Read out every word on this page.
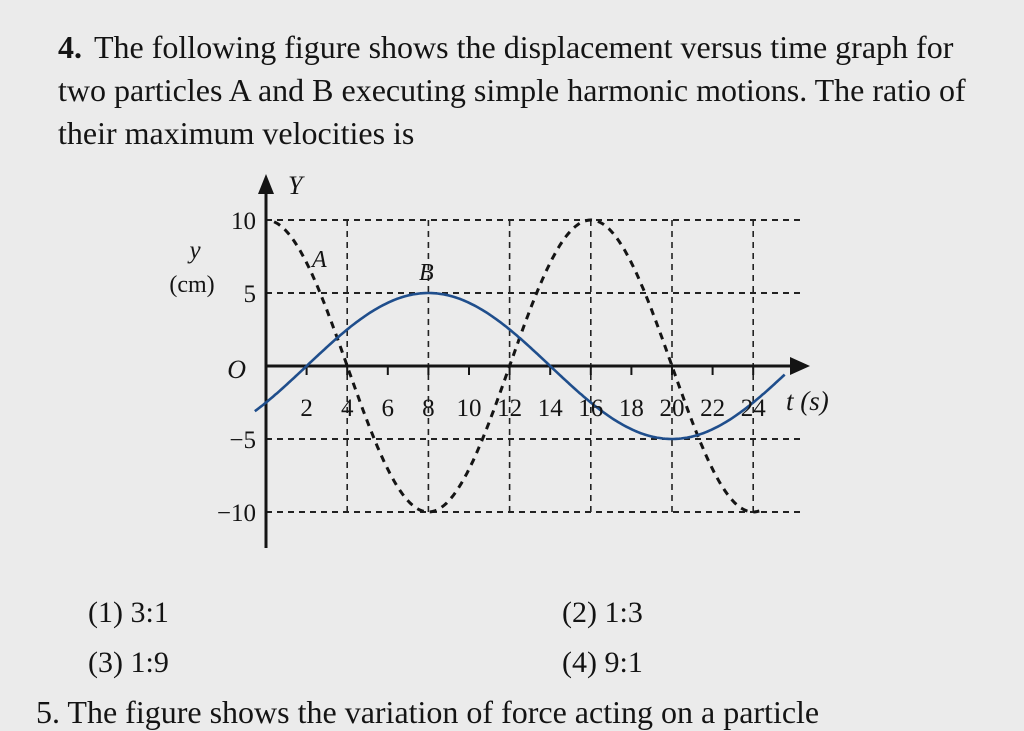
4. The following figure shows the displacement versus time graph for two particles A and B executing simple harmonic motions. The ratio of their maximum velocities is
2 4 6 8 10 12 14 16 18 20 22 24
10
5
−5
−10
O
Y
y
(cm)
t (s)
A	B
(1) 3:1	(2) 1:3
(3) 1:9	(4) 9:1
5. The figure shows the variation of force acting on a particle
